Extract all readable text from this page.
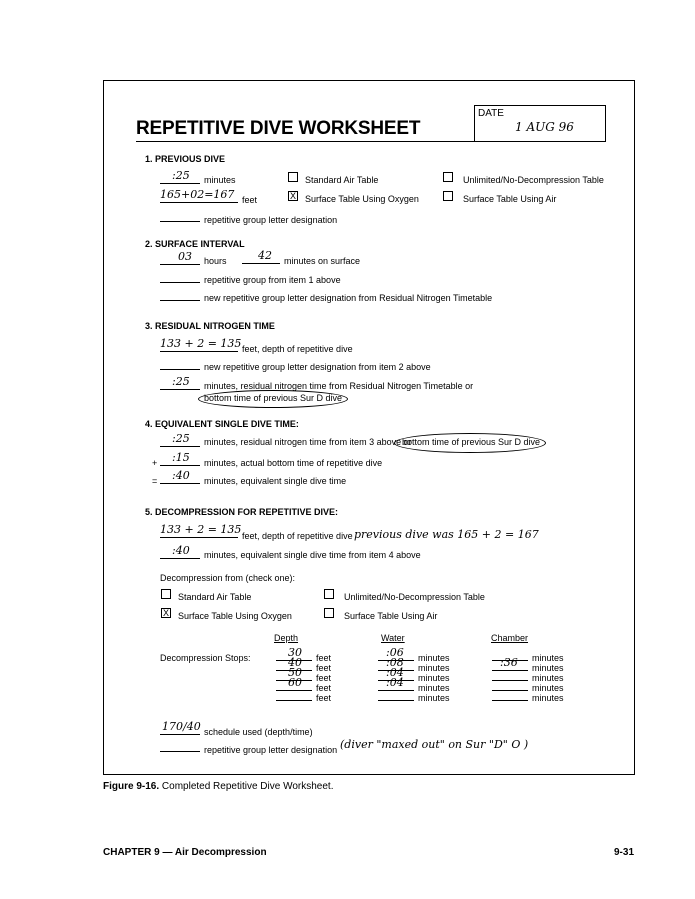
REPETITIVE DIVE WORKSHEET
DATE
1 AUG 96
1. PREVIOUS DIVE
:25 minutes
165+02=167 feet
repetitive group letter designation
Standard Air Table	Unlimited/No-Decompression Table
X Surface Table Using Oxygen	Surface Table Using Air
2. SURFACE INTERVAL
03 hours	42 minutes on surface
repetitive group from item 1 above
new repetitive group letter designation from Residual Nitrogen Timetable
3. RESIDUAL NITROGEN TIME
133 + 2 = 135 feet, depth of repetitive dive
new repetitive group letter designation from item 2 above
:25 minutes, residual nitrogen time from Residual Nitrogen Timetable or
bottom time of previous Sur D dive
4. EQUIVALENT SINGLE DIVE TIME:
:25 minutes, residual nitrogen time from item 3 above or
bottom time of previous Sur D dive
+ :15 minutes, actual bottom time of repetitive dive
= :40 minutes, equivalent single dive time
5. DECOMPRESSION FOR REPETITIVE DIVE:
133 + 2 = 135 feet, depth of repetitive dive previous dive was 165 + 2 = 167
:40 minutes, equivalent single dive time from item 4 above
Decompression from (check one):
Standard Air Table	Unlimited/No-Decompression Table
X Surface Table Using Oxygen	Surface Table Using Air
Depth	Water	Chamber
Decompression Stops:	30 feet	:06 minutes	minutes
40 feet	:08 minutes	:36 minutes
50 feet	:04 minutes	minutes
60 feet	:04 minutes	minutes
feet	minutes	minutes
170/40 schedule used (depth/time)
repetitive group letter designation (diver "maxed out" on Sur "D" O )
Figure 9-16. Completed Repetitive Dive Worksheet.
CHAPTER 9 — Air Decompression	9-31
